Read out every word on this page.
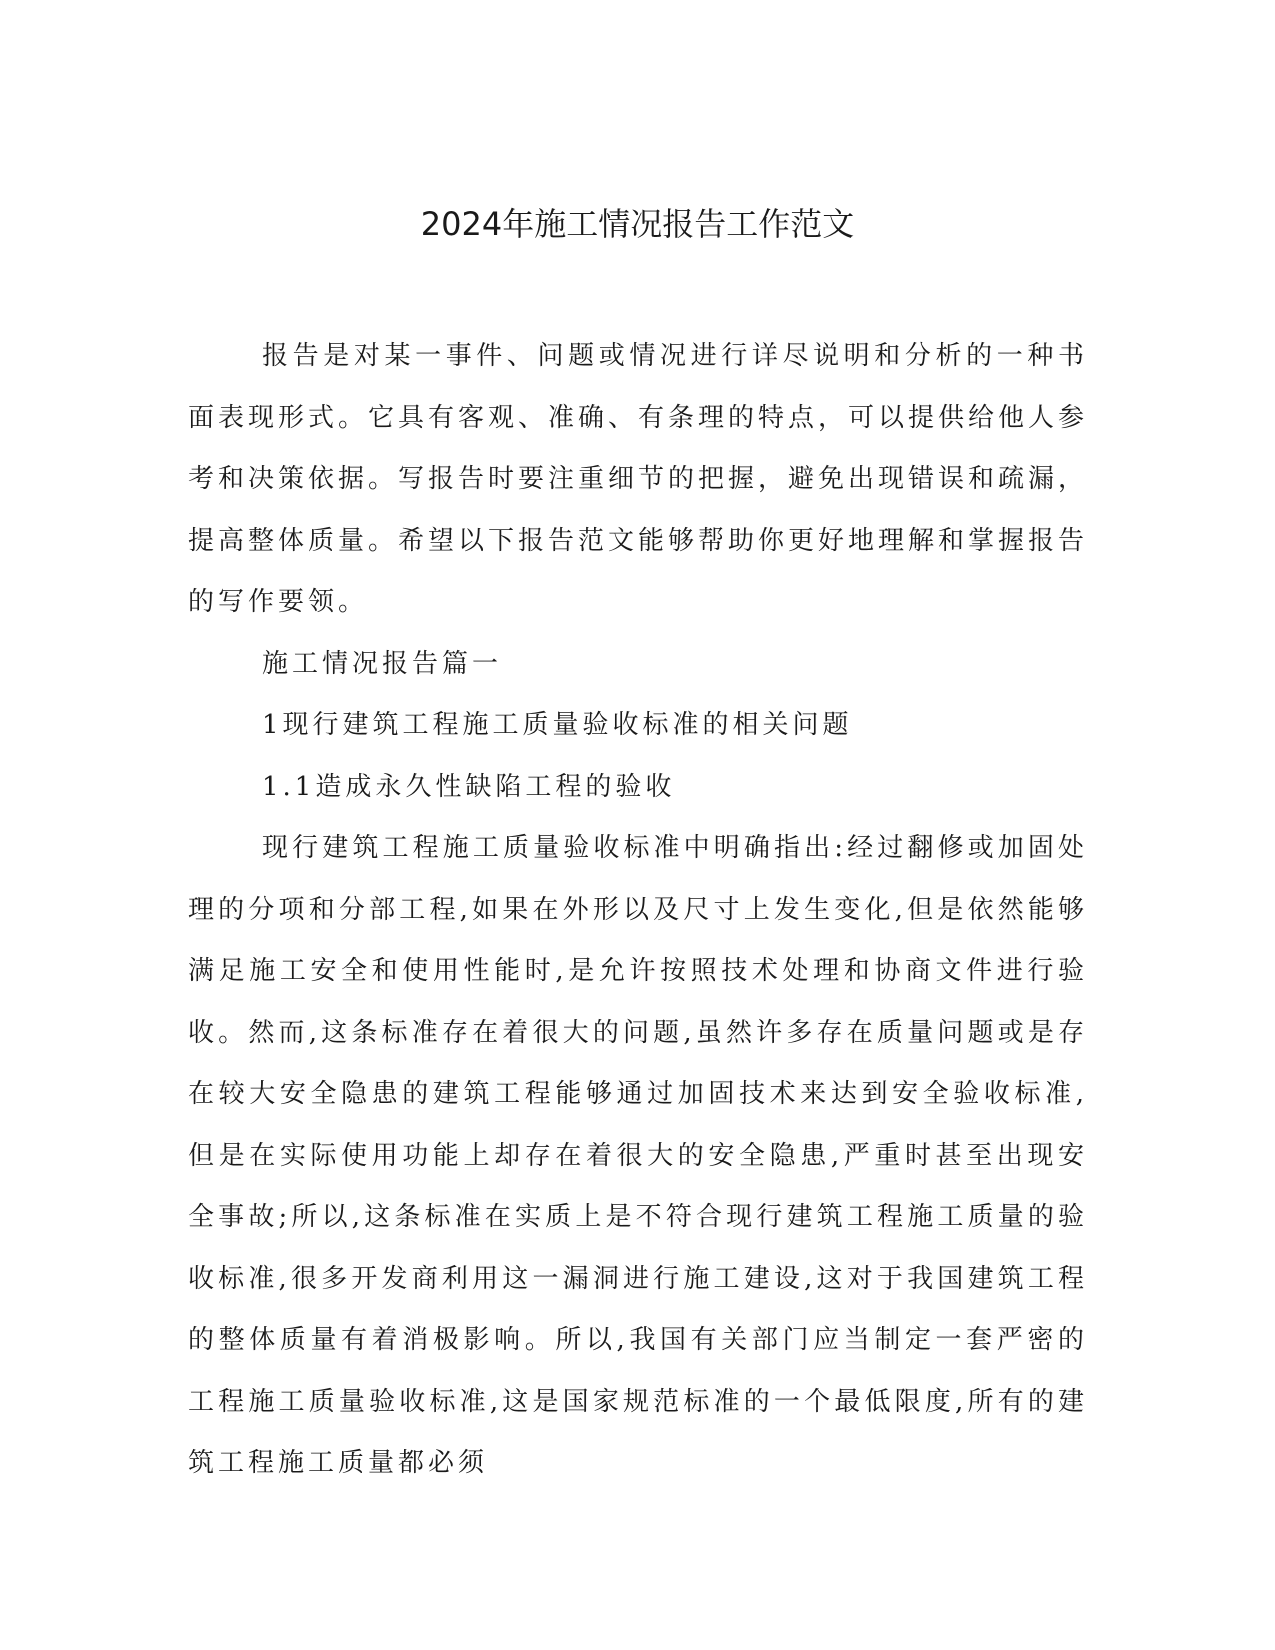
2024年施工情况报告工作范文

报告是对某一事件、问题或情况进行详尽说明和分析的一种书面表现形式。它具有客观、准确、有条理的特点，可以提供给他人参考和决策依据。写报告时要注重细节的把握，避免出现错误和疏漏，提高整体质量。希望以下报告范文能够帮助你更好地理解和掌握报告的写作要领。

施工情况报告篇一

1现行建筑工程施工质量验收标准的相关问题

1.1造成永久性缺陷工程的验收

现行建筑工程施工质量验收标准中明确指出:经过翻修或加固处理的分项和分部工程,如果在外形以及尺寸上发生变化,但是依然能够满足施工安全和使用性能时,是允许按照技术处理和协商文件进行验收。然而,这条标准存在着很大的问题,虽然许多存在质量问题或是存在较大安全隐患的建筑工程能够通过加固技术来达到安全验收标准,但是在实际使用功能上却存在着很大的安全隐患,严重时甚至出现安全事故;所以,这条标准在实质上是不符合现行建筑工程施工质量的验收标准,很多开发商利用这一漏洞进行施工建设,这对于我国建筑工程的整体质量有着消极影响。所以,我国有关部门应当制定一套严密的工程施工质量验收标准,这是国家规范标准的一个最低限度,所有的建筑工程施工质量都必须
